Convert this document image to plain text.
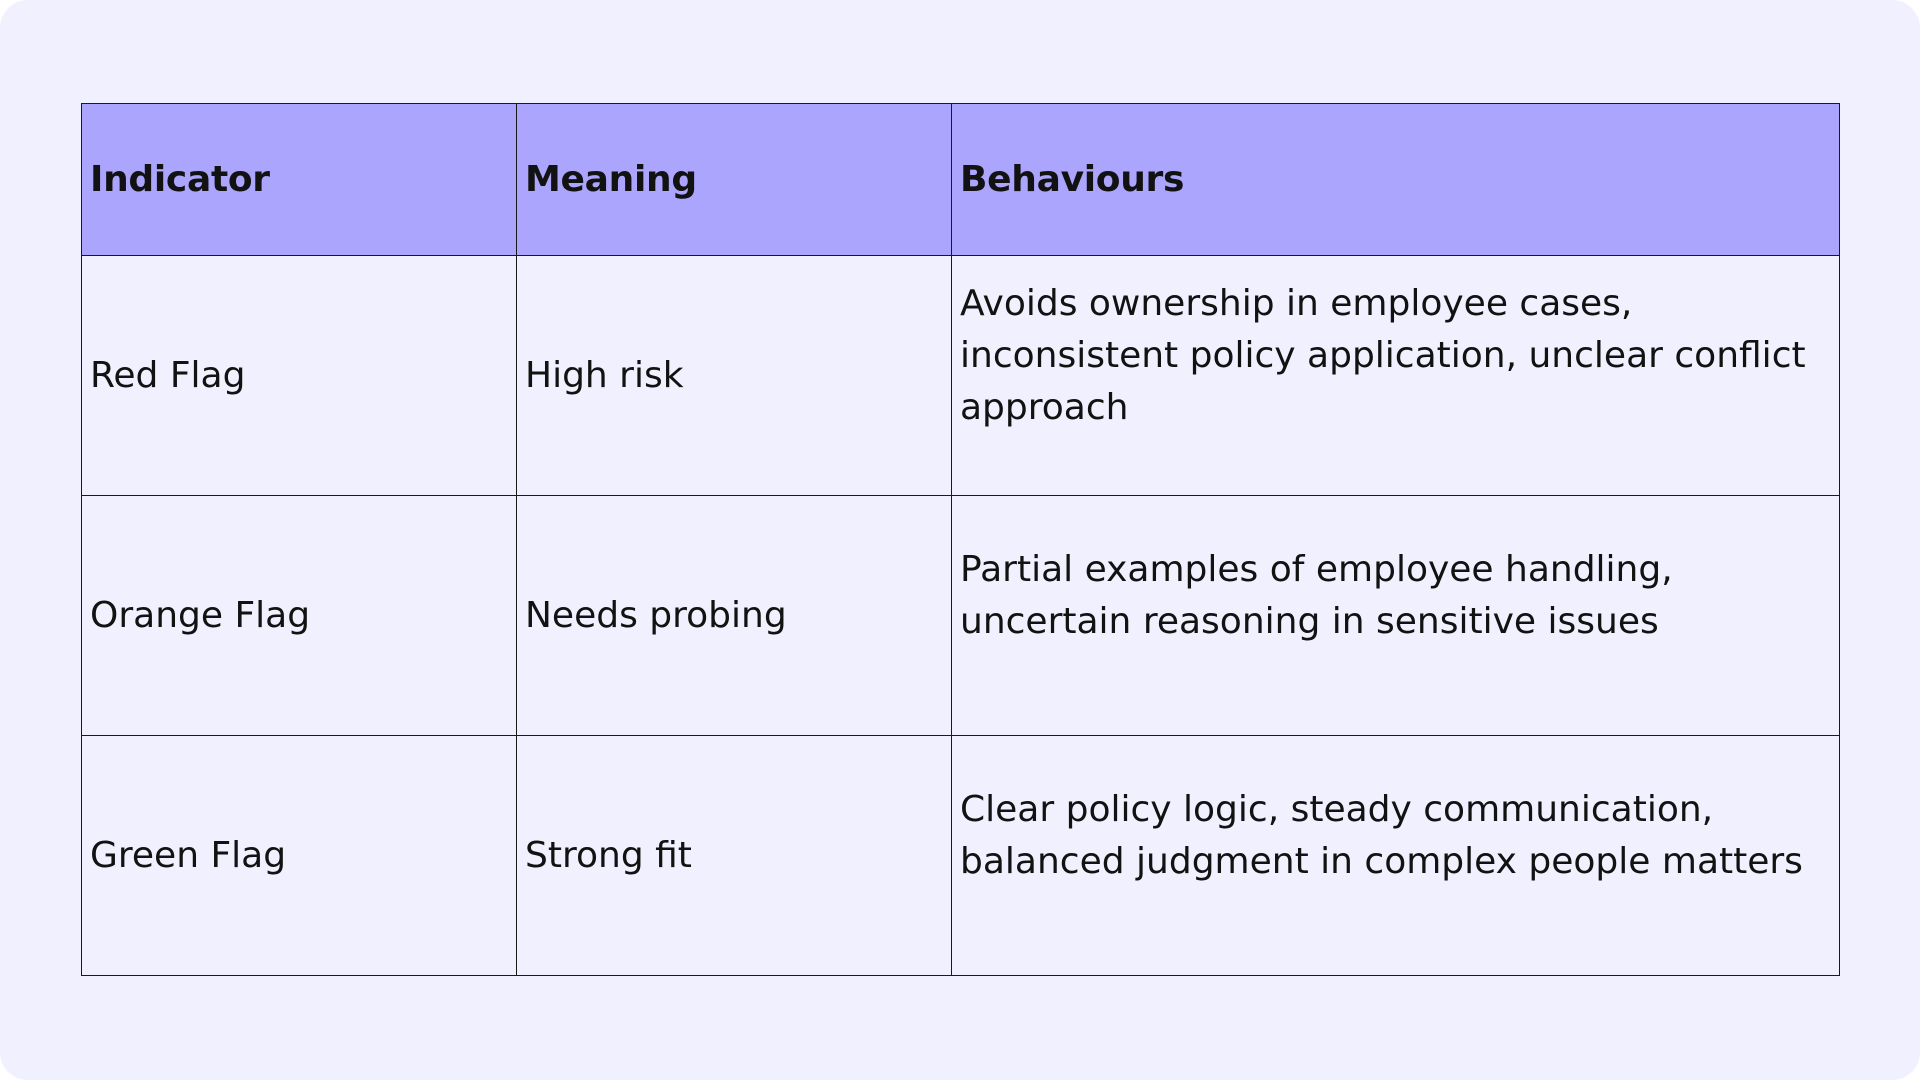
Indicator	Meaning	Behaviours
Red Flag	High risk	Avoids ownership in employee cases, inconsistent policy application, unclear conflict approach
Orange Flag	Needs probing	Partial examples of employee handling, uncertain reasoning in sensitive issues
Green Flag	Strong fit	Clear policy logic, steady communication, balanced judgment in complex people matters
